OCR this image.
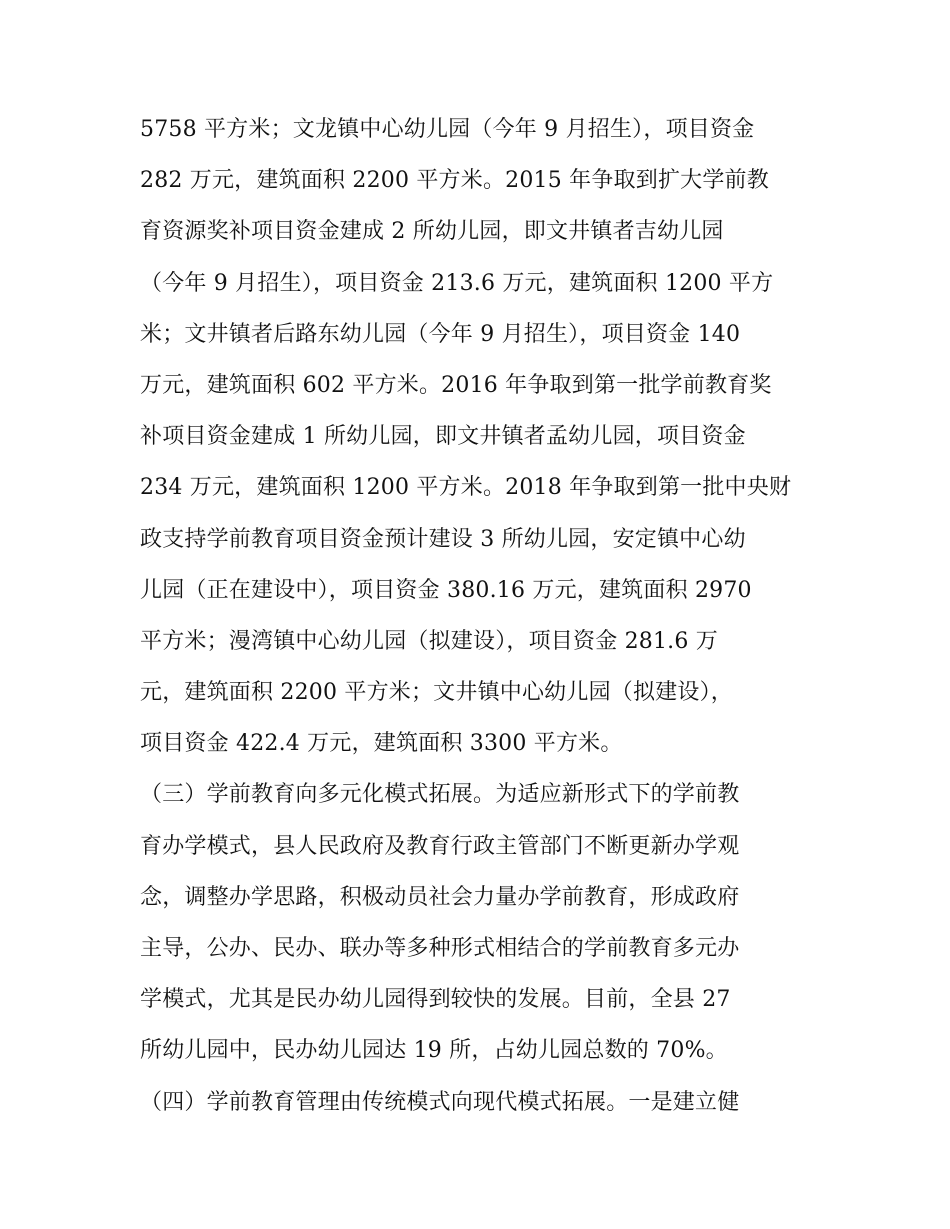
5758 平方米；文龙镇中心幼儿园（今年 9 月招生），项目资金
282 万元，建筑面积 2200 平方米。2015 年争取到扩大学前教
育资源奖补项目资金建成 2 所幼儿园，即文井镇者吉幼儿园
（今年 9 月招生），项目资金 213.6 万元，建筑面积 1200 平方
米；文井镇者后路东幼儿园（今年 9 月招生），项目资金 140
万元，建筑面积 602 平方米。2016 年争取到第一批学前教育奖
补项目资金建成 1 所幼儿园，即文井镇者孟幼儿园，项目资金
234 万元，建筑面积 1200 平方米。2018 年争取到第一批中央财
政支持学前教育项目资金预计建设 3 所幼儿园，安定镇中心幼
儿园（正在建设中），项目资金 380.16 万元，建筑面积 2970
平方米；漫湾镇中心幼儿园（拟建设），项目资金 281.6 万
元，建筑面积 2200 平方米；文井镇中心幼儿园（拟建设），
项目资金 422.4 万元，建筑面积 3300 平方米。
（三）学前教育向多元化模式拓展。为适应新形式下的学前教
育办学模式，县人民政府及教育行政主管部门不断更新办学观
念，调整办学思路，积极动员社会力量办学前教育，形成政府
主导，公办、民办、联办等多种形式相结合的学前教育多元办
学模式，尤其是民办幼儿园得到较快的发展。目前，全县 27
所幼儿园中，民办幼儿园达 19 所，占幼儿园总数的 70%。
（四）学前教育管理由传统模式向现代模式拓展。一是建立健
